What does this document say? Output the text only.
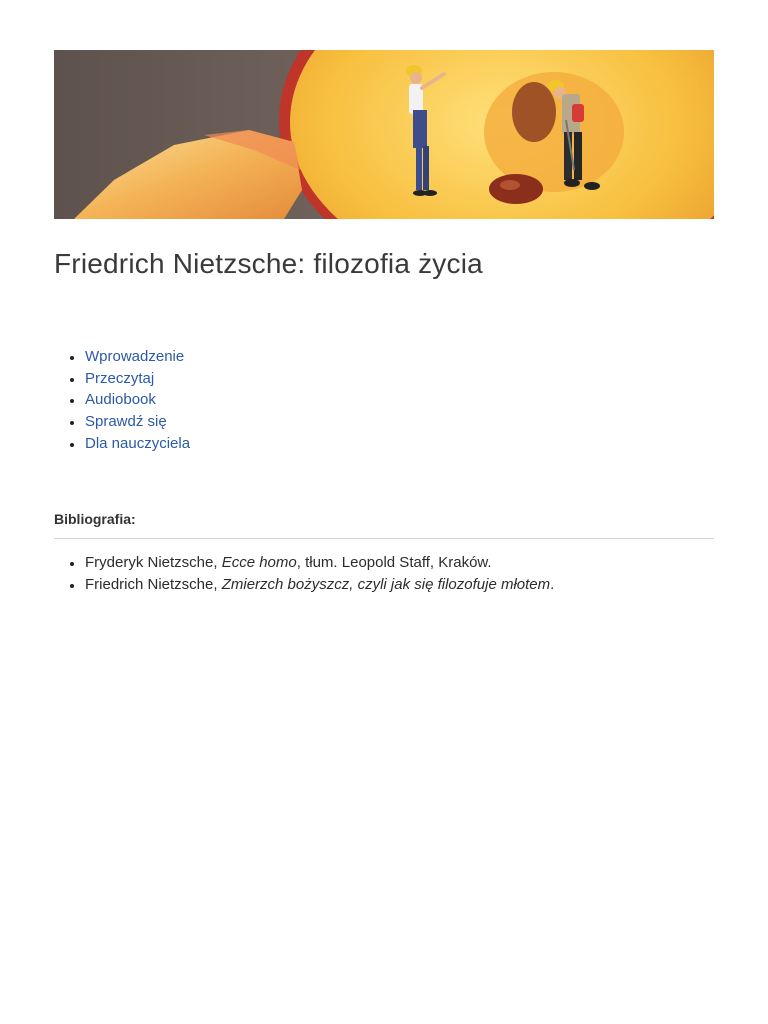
Friedrich Nietzsche: filozofia życia
Wprowadzenie
Przeczytaj
Audiobook
Sprawdź się
Dla nauczyciela
Bibliografia:
Fryderyk Nietzsche, Ecce homo, tłum. Leopold Staff, Kraków.
Friedrich Nietzsche, Zmierzch bożyszcz, czyli jak się filozofuje młotem.
